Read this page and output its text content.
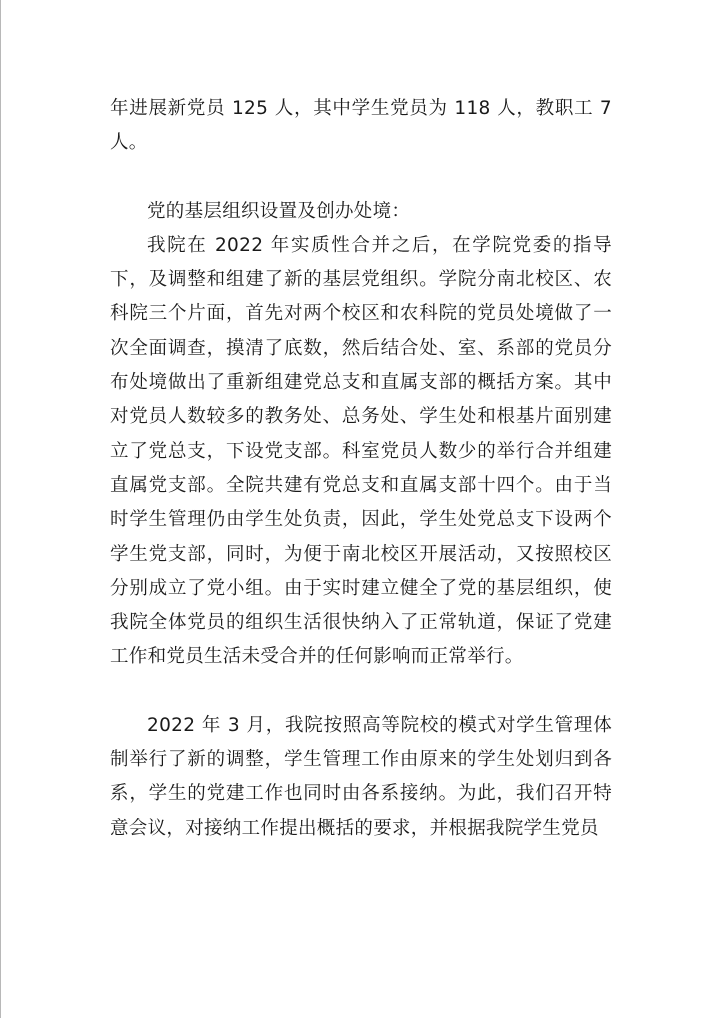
年进展新党员 125 人，其中学生党员为 118 人，教职工 7 人。

党的基层组织设置及创办处境：

我院在 2022 年实质性合并之后，在学院党委的指导下，及调整和组建了新的基层党组织。学院分南北校区、农科院三个片面，首先对两个校区和农科院的党员处境做了一次全面调查，摸清了底数，然后结合处、室、系部的党员分布处境做出了重新组建党总支和直属支部的概括方案。其中对党员人数较多的教务处、总务处、学生处和根基片面别建立了党总支，下设党支部。科室党员人数少的举行合并组建直属党支部。全院共建有党总支和直属支部十四个。由于当时学生管理仍由学生处负责，因此，学生处党总支下设两个学生党支部，同时，为便于南北校区开展活动，又按照校区分别成立了党小组。由于实时建立健全了党的基层组织，使我院全体党员的组织生活很快纳入了正常轨道，保证了党建工作和党员生活未受合并的任何影响而正常举行。

2022 年 3 月，我院按照高等院校的模式对学生管理体制举行了新的调整，学生管理工作由原来的学生处划归到各系，学生的党建工作也同时由各系接纳。为此，我们召开特意会议，对接纳工作提出概括的要求，并根据我院学生党员
